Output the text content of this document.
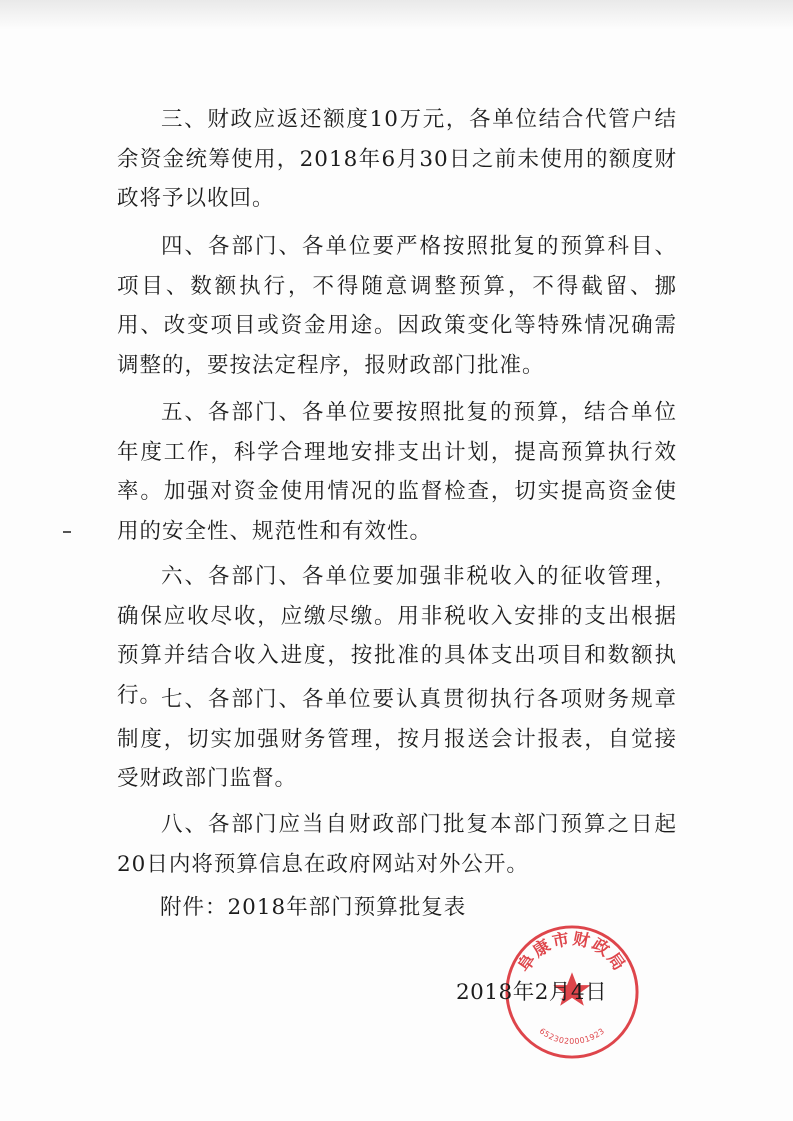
三、财政应返还额度10万元，各单位结合代管户结余资金统筹使用，2018年6月30日之前未使用的额度财政将予以收回。

四、各部门、各单位要严格按照批复的预算科目、项目、数额执行，不得随意调整预算，不得截留、挪用、改变项目或资金用途。因政策变化等特殊情况确需调整的，要按法定程序，报财政部门批准。

五、各部门、各单位要按照批复的预算，结合单位年度工作，科学合理地安排支出计划，提高预算执行效率。加强对资金使用情况的监督检查，切实提高资金使用的安全性、规范性和有效性。

六、各部门、各单位要加强非税收入的征收管理，确保应收尽收，应缴尽缴。用非税收入安排的支出根据预算并结合收入进度，按批准的具体支出项目和数额执行。

七、各部门、各单位要认真贯彻执行各项财务规章制度，切实加强财务管理，按月报送会计报表，自觉接受财政部门监督。

八、各部门应当自财政部门批复本部门预算之日起20日内将预算信息在政府网站对外公开。

附件：2018年部门预算批复表

阜康市财政局
6523020001923

2018年2月4日
